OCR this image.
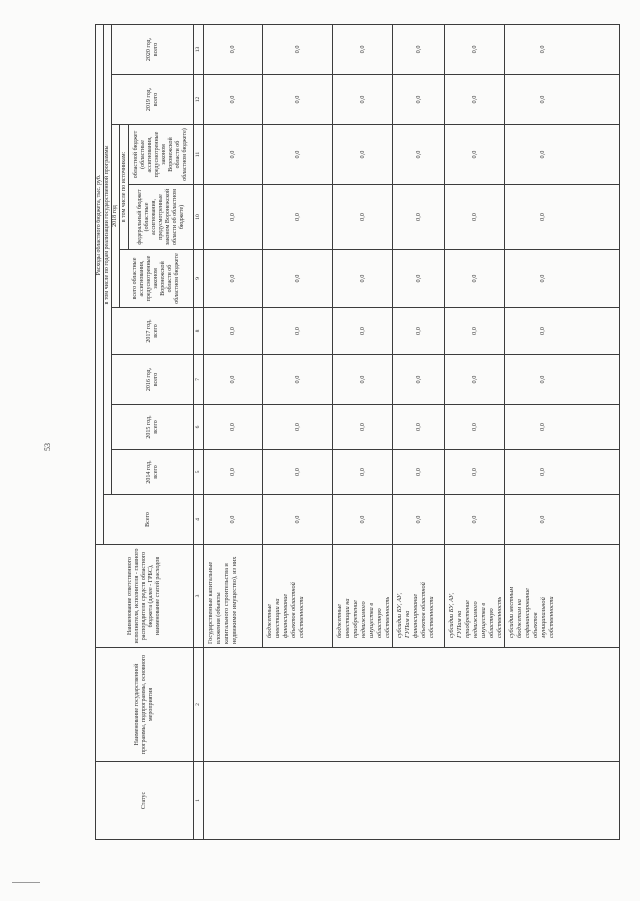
53
Статус	Наименование государственной программы, подпрограммы, основного мероприятия	Наименование ответственного исполнителя, исполнителя - главного распорядителя средств областного бюджета (далее - ГРБС), наименование статей расходов	Расходы областного бюджета, тыс. руб.									
			Всего	в том числе по годам реализации государственной программы								
				2014 год, всего	2015 год, всего	2016 год, всего	2017 год, всего	2018 год			2019 год, всего	2020 год, всего
								всего областные ассигнования, предусмотренные законом Воронежской области об областном бюджете	в том числе по источникам:			
									федеральный бюджет (областные ассигнования, предусмотренные законом Воронежской области об областном бюджете)	областной бюджет (областные ассигнования, предусмотренные законом Воронежской области об областном бюджете)		
1	2	3	4	5	6	7	8	9	10	11	12	13
		Государственные капитальные вложения (объекты капитального строительства и недвижимое имущество), из них	0,0	0,0	0,0	0,0	0,0	0,0	0,0	0,0	0,0	0,0
		бюджетные инвестиции на финансирование объектов областной собственности	0,0	0,0	0,0	0,0	0,0	0,0	0,0	0,0	0,0	0,0
		бюджетные инвестиции на приобретение недвижимого имущества в областную собственность	0,0	0,0	0,0	0,0	0,0	0,0	0,0	0,0	0,0	0,0
		субсидии БУ, АУ, ГУПам на финансирование объектов областной собственности	0,0	0,0	0,0	0,0	0,0	0,0	0,0	0,0	0,0	0,0
		субсидии БУ, АУ, ГУПам на приобретение недвижимого имущества в областную собственность	0,0	0,0	0,0	0,0	0,0	0,0	0,0	0,0	0,0	0,0
		субсидии местным бюджетам на софинансирование объектов муниципальной собственности	0,0	0,0	0,0	0,0	0,0	0,0	0,0	0,0	0,0	0,0
